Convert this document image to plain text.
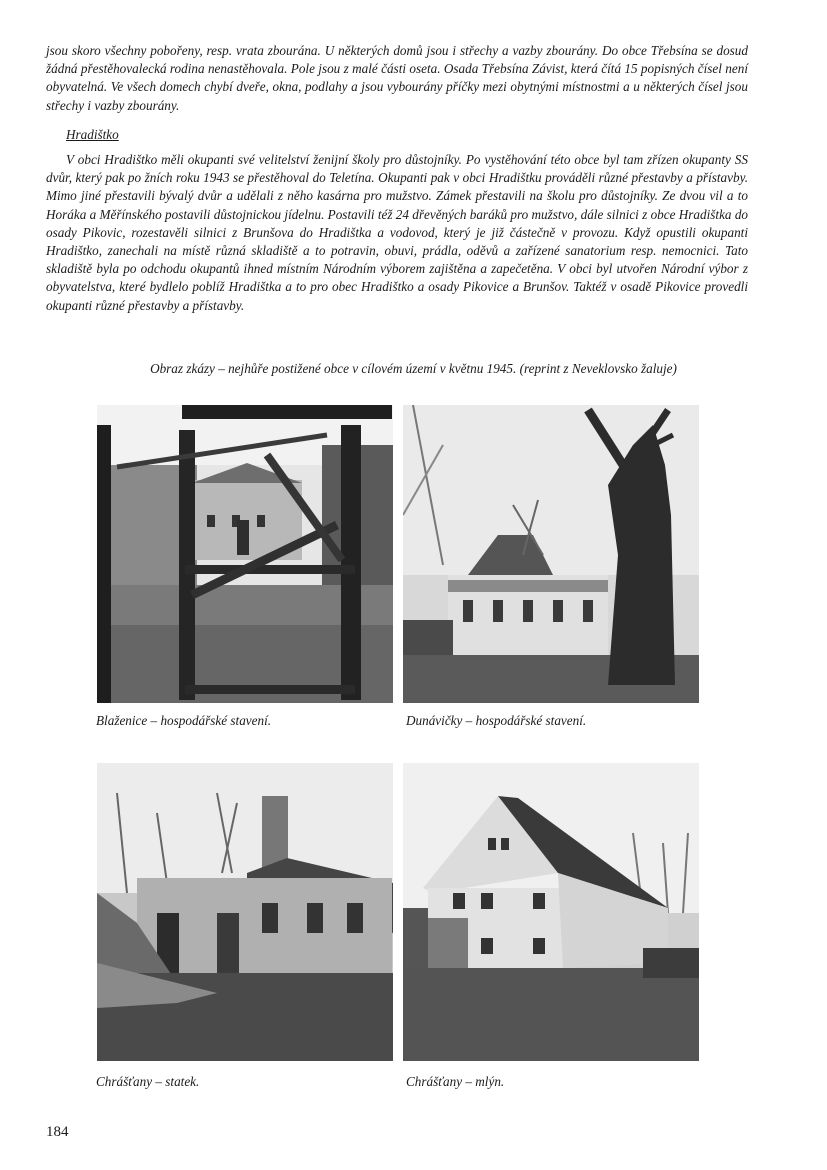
jsou skoro všechny pobořeny, resp. vrata zbourána. U některých domů jsou i střechy a vazby zbourány. Do obce Třebsína se dosud žádná přestěhovalecká rodina nenastěhovala. Pole jsou z malé části oseta. Osada Třebsína Závist, která čítá 15 popisných čísel není obyvatelná. Ve všech domech chybí dveře, okna, podlahy a jsou vybourány příčky mezi obytnými místnostmi a u některých čísel jsou střechy i vazby zbourány.

Hradištko

V obci Hradištko měli okupanti své velitelství ženijní školy pro důstojníky. Po vystěhování této obce byl tam zřízen okupanty SS dvůr, který pak po žních roku 1943 se přestěhoval do Teletína. Okupanti pak v obci Hradištku prováděli různé přestavby a přístavby. Mimo jiné přestavili bývalý dvůr a udělali z něho kasárna pro mužstvo. Zámek přestavili na školu pro důstojníky. Ze dvou vil a to Horáka a Měřínského postavili důstojnickou jídelnu. Postavili též 24 dřevěných baráků pro mužstvo, dále silnici z obce Hradištka do osady Pikovic, rozestavěli silnici z Brunšova do Hradištka a vodovod, který je již částečně v provozu. Když opustili okupanti Hradištko, zanechali na místě různá skladiště a to potravin, obuvi, prádla, oděvů a zařízené sanatorium resp. nemocnici. Tato skladiště byla po odchodu okupantů ihned místním Národním výborem zajištěna a zapečetěna. V obci byl utvořen Národní výbor z obyvatelstva, které bydlelo poblíž Hradištka a to pro obec Hradištko a osady Pikovice a Brunšov. Taktéž v osadě Pikovice provedli okupanti různé přestavby a přístavby.

Obraz zkázy – nejhůře postižené obce v cílovém území v květnu 1945. (reprint z Neveklovsko žaluje)

Blaženice – hospodářské stavení.	Dunávičky – hospodářské stavení.

Chrášťany – statek.	Chrášťany – mlýn.

184
